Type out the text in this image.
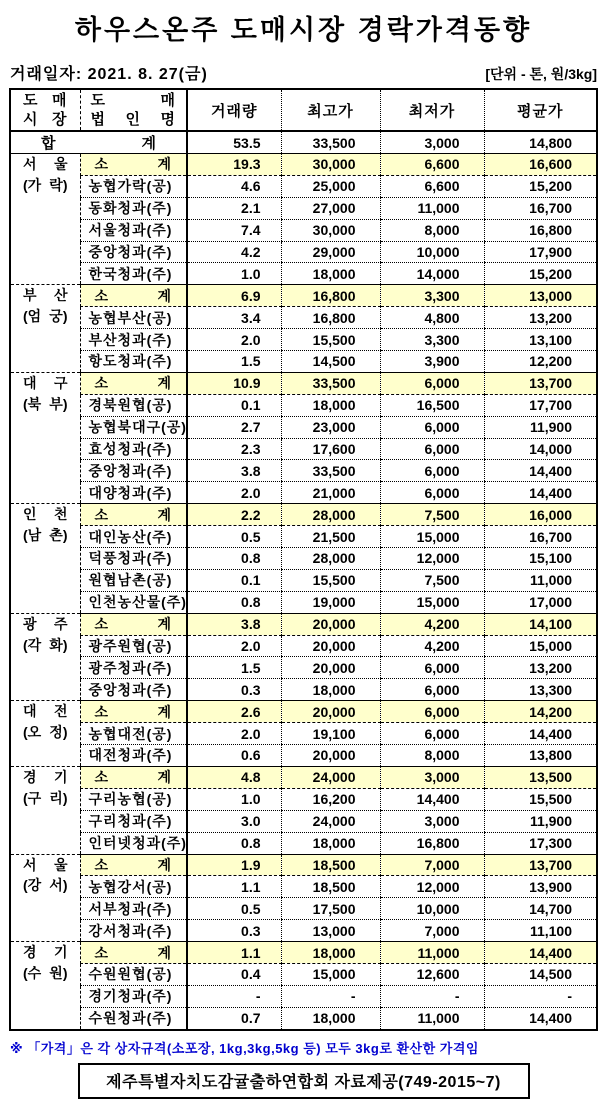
하우스온주 도매시장 경락가격동향
거래일자: 2021. 8. 27(금)	[단위 - 톤, 원/3kg]
도 매
시 장

도 매
법 인 명	거래량	최고가	최저가	평균가
합 계		53.5	33,500	3,000	14,800

서 울
(가 락)	소 계	19.3	30,000	6,600	16,600
	농협가락(공)	4.6	25,000	6,600	15,200
	동화청과(주)	2.1	27,000	11,000	16,700
	서울청과(주)	7.4	30,000	8,000	16,800
	중앙청과(주)	4.2	29,000	10,000	17,900
	한국청과(주)	1.0	18,000	14,000	15,200

부 산
(엄 궁)	소 계	6.9	16,800	3,300	13,000
	농협부산(공)	3.4	16,800	4,800	13,200
	부산청과(주)	2.0	15,500	3,300	13,100
	항도청과(주)	1.5	14,500	3,900	12,200

대 구
(북 부)	소 계	10.9	33,500	6,000	13,700
	경북원협(공)	0.1	18,000	16,500	17,700
	농협북대구(공)	2.7	23,000	6,000	11,900
	효성청과(주)	2.3	17,600	6,000	14,000
	중앙청과(주)	3.8	33,500	6,000	14,400
	대양청과(주)	2.0	21,000	6,000	14,400

인 천
(남 촌)	소 계	2.2	28,000	7,500	16,000
	대인농산(주)	0.5	21,500	15,000	16,700
	덕풍청과(주)	0.8	28,000	12,000	15,100
	원협남촌(공)	0.1	15,500	7,500	11,000
	인천농산물(주)	0.8	19,000	15,000	17,000

광 주
(각 화)	소 계	3.8	20,000	4,200	14,100
	광주원협(공)	2.0	20,000	4,200	15,000
	광주청과(주)	1.5	20,000	6,000	13,200
	중앙청과(주)	0.3	18,000	6,000	13,300

대 전
(오 정)	소 계	2.6	20,000	6,000	14,200
	농협대전(공)	2.0	19,100	6,000	14,400
	대전청과(주)	0.6	20,000	8,000	13,800

경 기
(구 리)	소 계	4.8	24,000	3,000	13,500
	구리농협(공)	1.0	16,200	14,400	15,500
	구리청과(주)	3.0	24,000	3,000	11,900
	인터넷청과(주)	0.8	18,000	16,800	17,300

서 울
(강 서)	소 계	1.9	18,500	7,000	13,700
	농협강서(공)	1.1	18,500	12,000	13,900
	서부청과(주)	0.5	17,500	10,000	14,700
	강서청과(주)	0.3	13,000	7,000	11,100

경 기
(수 원)	소 계	1.1	18,000	11,000	14,400
	수원원협(공)	0.4	15,000	12,600	14,500
	경기청과(주)	-	-	-	-
	수원청과(주)	0.7	18,000	11,000	14,400
※ 「가격」은 각 상자규격(소포장, 1kg,3kg,5kg 등) 모두 3kg로 환산한 가격임
제주특별자치도감귤출하연합회 자료제공(749-2015~7)
